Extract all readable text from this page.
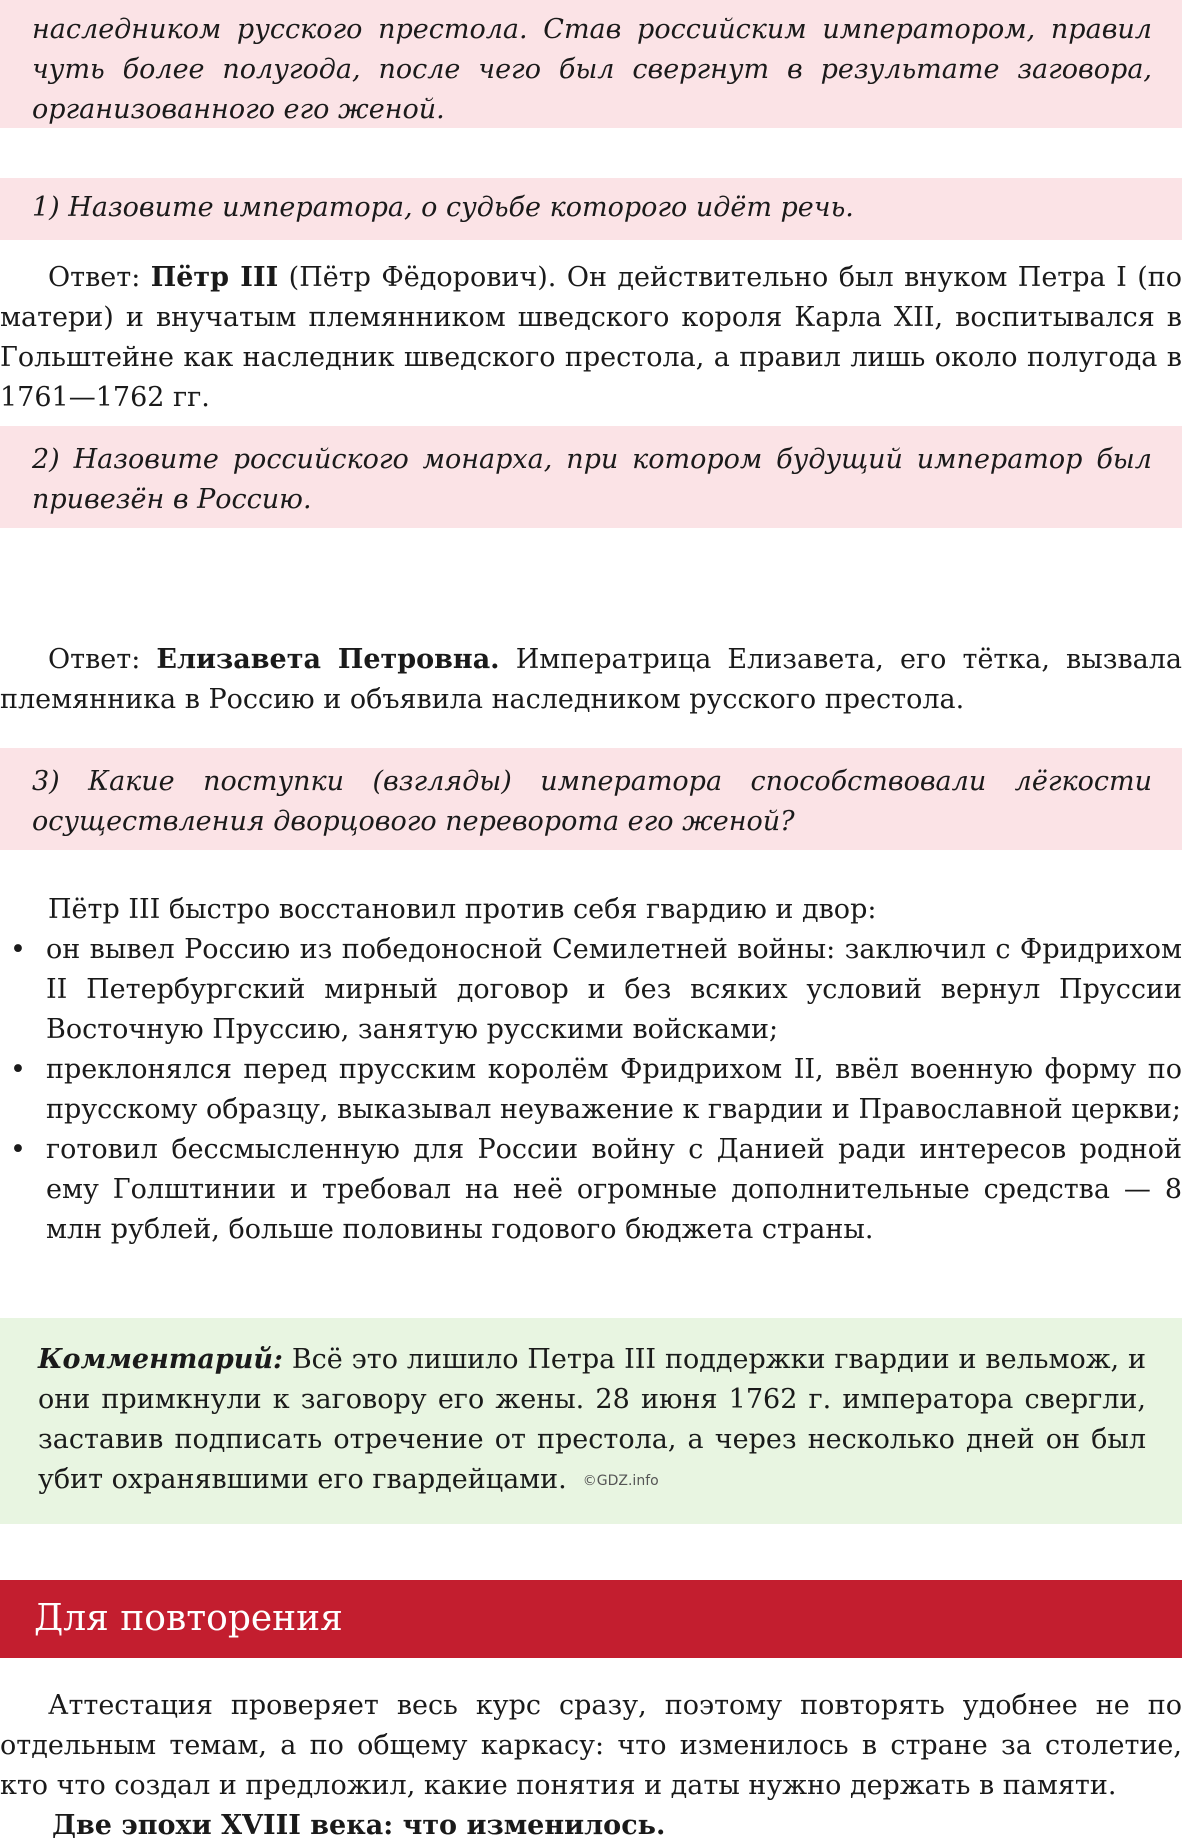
наследником русского престола. Став российским императором, правил чуть более полугода, после чего был свергнут в результате заговора, организованного его женой.

1) Назовите императора, о судьбе которого идёт речь.

Ответ: Пётр III (Пётр Фёдорович). Он действительно был внуком Петра I (по матери) и внучатым племянником шведского короля Карла XII, воспитывался в Гольштейне как наследник шведского престола, а правил лишь около полугода в 1761—1762 гг.

2) Назовите российского монарха, при котором будущий император был привезён в Россию.

Ответ: Елизавета Петровна. Императрица Елизавета, его тётка, вызвала племянника в Россию и объявила наследником русского престола.

3) Какие поступки (взгляды) императора способствовали лёгкости осуществления дворцового переворота его женой?

Пётр III быстро восстановил против себя гвардию и двор:

• он вывел Россию из победоносной Семилетней войны: заключил с Фридрихом II Петербургский мирный договор и без всяких условий вернул Пруссии Восточную Пруссию, занятую русскими войсками;
• преклонялся перед прусским королём Фридрихом II, ввёл военную форму по прусскому образцу, выказывал неуважение к гвардии и Православной церкви;
• готовил бессмысленную для России войну с Данией ради интересов родной ему Голштинии и требовал на неё огромные дополнительные средства — 8 млн рублей, больше половины годового бюджета страны.

Комментарий: Всё это лишило Петра III поддержки гвардии и вельмож, и они примкнули к заговору его жены. 28 июня 1762 г. императора свергли, заставив подписать отречение от престола, а через несколько дней он был убит охранявшими его гвардейцами. ©GDZ.info

Для повторения

Аттестация проверяет весь курс сразу, поэтому повторять удобнее не по отдельным темам, а по общему каркасу: что изменилось в стране за столетие, кто что создал и предложил, какие понятия и даты нужно держать в памяти.

Две эпохи XVIII века: что изменилось.
